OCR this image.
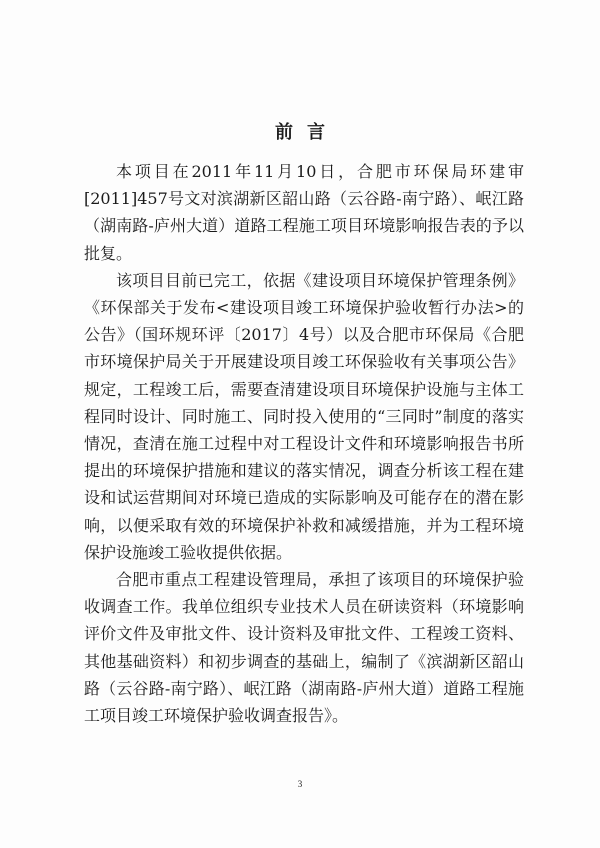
前言

本项目在2011年11月10日，合肥市环保局环建审[2011]457号文对滨湖新区韶山路（云谷路-南宁路）、岷江路（湖南路-庐州大道）道路工程施工项目环境影响报告表的予以批复。

该项目目前已完工，依据《建设项目环境保护管理条例》《环保部关于发布<建设项目竣工环境保护验收暂行办法>的公告》（国环规环评〔2017〕4号）以及合肥市环保局《合肥市环境保护局关于开展建设项目竣工环保验收有关事项公告》规定，工程竣工后，需要查清建设项目环境保护设施与主体工程同时设计、同时施工、同时投入使用的“三同时”制度的落实情况，查清在施工过程中对工程设计文件和环境影响报告书所提出的环境保护措施和建议的落实情况，调查分析该工程在建设和试运营期间对环境已造成的实际影响及可能存在的潜在影响，以便采取有效的环境保护补救和减缓措施，并为工程环境保护设施竣工验收提供依据。

合肥市重点工程建设管理局，承担了该项目的环境保护验收调查工作。我单位组织专业技术人员在研读资料（环境影响评价文件及审批文件、设计资料及审批文件、工程竣工资料、其他基础资料）和初步调查的基础上，编制了《滨湖新区韶山路（云谷路-南宁路）、岷江路（湖南路-庐州大道）道路工程施工项目竣工环境保护验收调查报告》。

3
